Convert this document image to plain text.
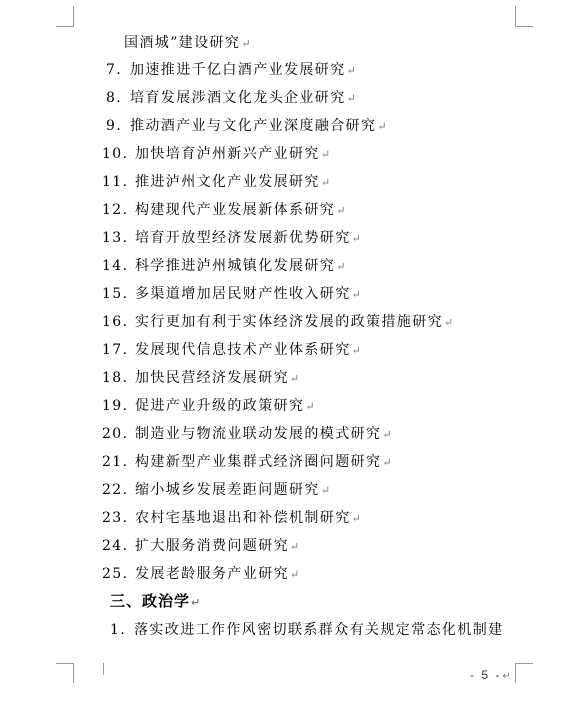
国酒城”建设研究↵
7. 加速推进千亿白酒产业发展研究↵
8. 培育发展涉酒文化龙头企业研究↵
9. 推动酒产业与文化产业深度融合研究↵
10. 加快培育泸州新兴产业研究↵
11. 推进泸州文化产业发展研究↵
12. 构建现代产业发展新体系研究↵
13. 培育开放型经济发展新优势研究↵
14. 科学推进泸州城镇化发展研究↵
15. 多渠道增加居民财产性收入研究↵
16. 实行更加有利于实体经济发展的政策措施研究↵
17. 发展现代信息技术产业体系研究↵
18. 加快民营经济发展研究↵
19. 促进产业升级的政策研究↵
20. 制造业与物流业联动发展的模式研究↵
21. 构建新型产业集群式经济圈问题研究↵
22. 缩小城乡发展差距问题研究↵
23. 农村宅基地退出和补偿机制研究↵
24. 扩大服务消费问题研究↵
25. 发展老龄服务产业研究↵
三、政治学↵
1. 落实改进工作作风密切联系群众有关规定常态化机制建
- 5 -↵
